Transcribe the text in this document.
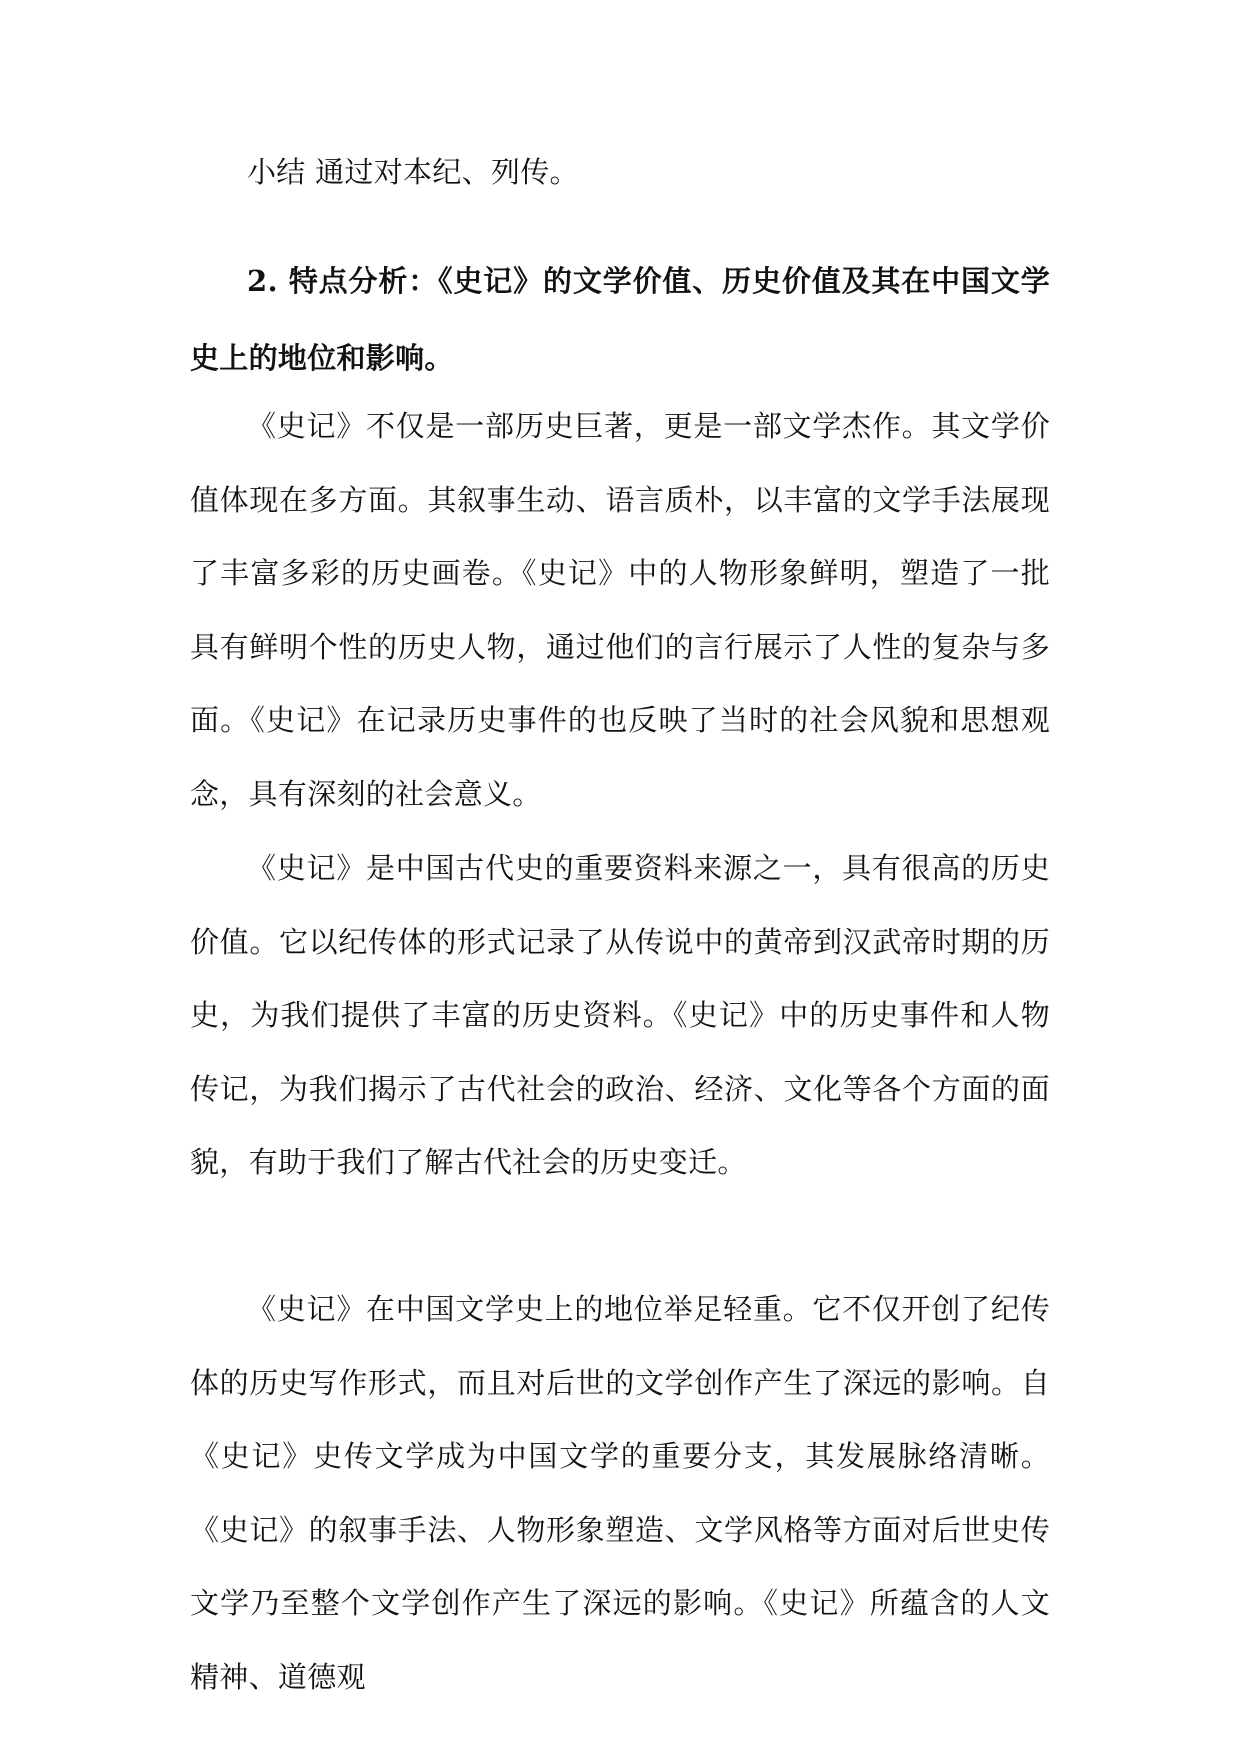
小结 通过对本纪、列传。

2. 特点分析：《史记》的文学价值、历史价值及其在中国文学史上的地位和影响。

《史记》不仅是一部历史巨著，更是一部文学杰作。其文学价值体现在多方面。其叙事生动、语言质朴，以丰富的文学手法展现了丰富多彩的历史画卷。《史记》中的人物形象鲜明，塑造了一批具有鲜明个性的历史人物，通过他们的言行展示了人性的复杂与多面。《史记》在记录历史事件的也反映了当时的社会风貌和思想观念，具有深刻的社会意义。

《史记》是中国古代史的重要资料来源之一，具有很高的历史价值。它以纪传体的形式记录了从传说中的黄帝到汉武帝时期的历史，为我们提供了丰富的历史资料。《史记》中的历史事件和人物传记，为我们揭示了古代社会的政治、经济、文化等各个方面的面貌，有助于我们了解古代社会的历史变迁。

《史记》在中国文学史上的地位举足轻重。它不仅开创了纪传体的历史写作形式，而且对后世的文学创作产生了深远的影响。自《史记》史传文学成为中国文学的重要分支，其发展脉络清晰。《史记》的叙事手法、人物形象塑造、文学风格等方面对后世史传文学乃至整个文学创作产生了深远的影响。《史记》所蕴含的人文精神、道德观
